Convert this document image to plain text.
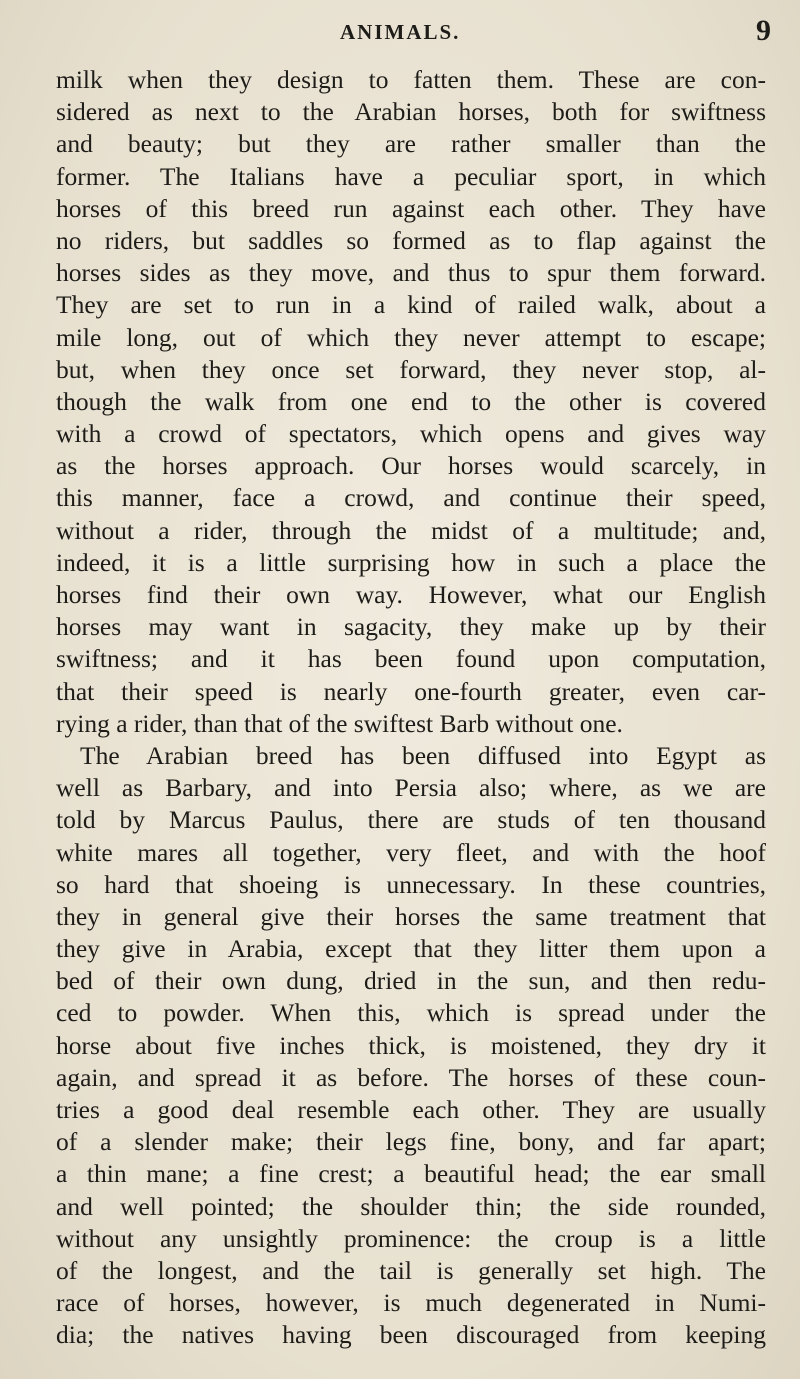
ANIMALS.	9
milk when they design to fatten them. These are con-
sidered as next to the Arabian horses, both for swiftness
and beauty; but they are rather smaller than the
former. The Italians have a peculiar sport, in which
horses of this breed run against each other. They have
no riders, but saddles so formed as to flap against the
horses sides as they move, and thus to spur them forward.
They are set to run in a kind of railed walk, about a
mile long, out of which they never attempt to escape;
but, when they once set forward, they never stop, al-
though the walk from one end to the other is covered
with a crowd of spectators, which opens and gives way
as the horses approach. Our horses would scarcely, in
this manner, face a crowd, and continue their speed,
without a rider, through the midst of a multitude; and,
indeed, it is a little surprising how in such a place the
horses find their own way. However, what our English
horses may want in sagacity, they make up by their
swiftness; and it has been found upon computation,
that their speed is nearly one-fourth greater, even car-
rying a rider, than that of the swiftest Barb without one.
The Arabian breed has been diffused into Egypt as
well as Barbary, and into Persia also; where, as we are
told by Marcus Paulus, there are studs of ten thousand
white mares all together, very fleet, and with the hoof
so hard that shoeing is unnecessary. In these countries,
they in general give their horses the same treatment that
they give in Arabia, except that they litter them upon a
bed of their own dung, dried in the sun, and then redu-
ced to powder. When this, which is spread under the
horse about five inches thick, is moistened, they dry it
again, and spread it as before. The horses of these coun-
tries a good deal resemble each other. They are usually
of a slender make; their legs fine, bony, and far apart;
a thin mane; a fine crest; a beautiful head; the ear small
and well pointed; the shoulder thin; the side rounded,
without any unsightly prominence: the croup is a little
of the longest, and the tail is generally set high. The
race of horses, however, is much degenerated in Numi-
dia; the natives having been discouraged from keeping
